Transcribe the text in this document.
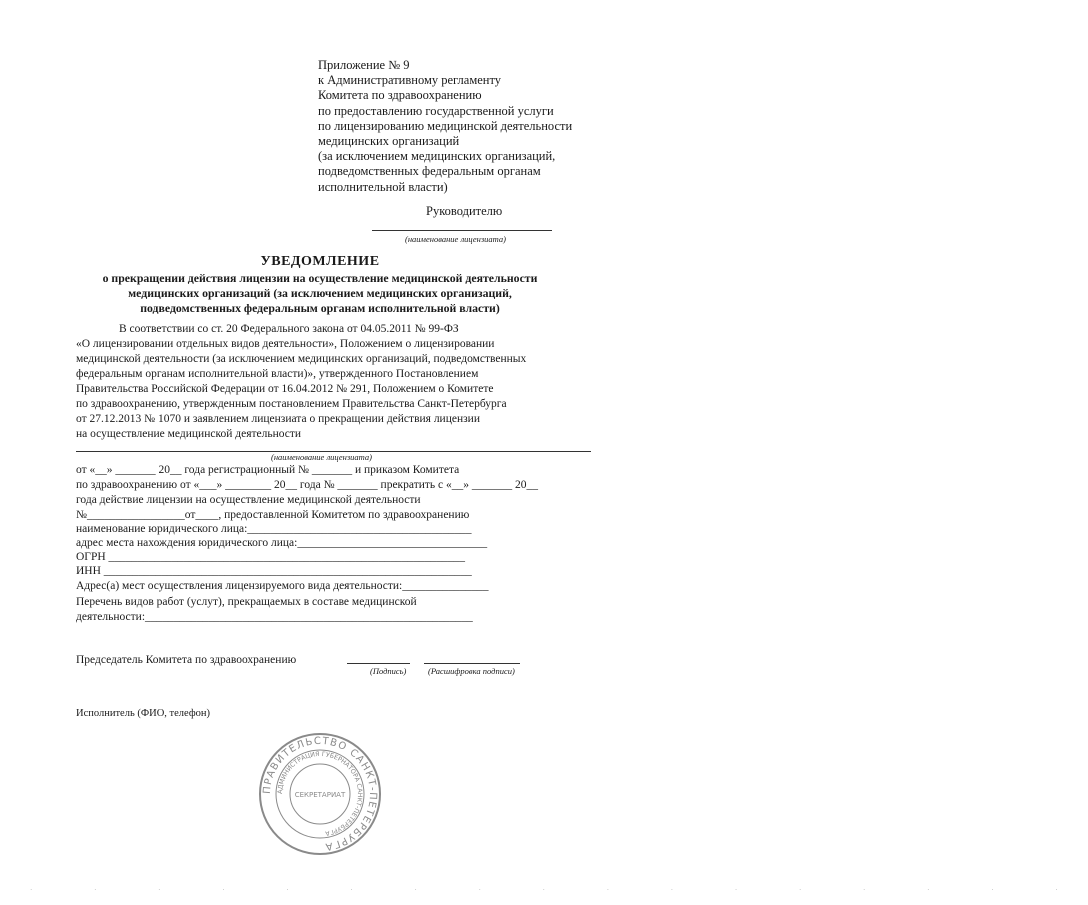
Приложение № 9
к Административному регламенту
Комитета по здравоохранению
по предоставлению государственной услуги
по лицензированию медицинской деятельности
медицинских организаций
(за исключением медицинских организаций,
подведомственных федеральным органам
исполнительной власти)
Руководителю
(наименование лицензиата)
УВЕДОМЛЕНИЕ
о прекращении действия лицензии на осуществление медицинской деятельности
медицинских организаций (за исключением медицинских организаций,
подведомственных федеральным органам исполнительной власти)
В соответствии со ст. 20 Федерального закона от 04.05.2011 № 99-ФЗ
«О лицензировании отдельных видов деятельности», Положением о лицензировании
медицинской деятельности (за исключением медицинских организаций, подведомственных
федеральным органам исполнительной власти)», утвержденного Постановлением
Правительства Российской Федерации от 16.04.2012 № 291, Положением о Комитете
по здравоохранению, утвержденным постановлением Правительства Санкт-Петербурга
от 27.12.2013 № 1070 и заявлением лицензиата о прекращении действия лицензии
на осуществление медицинской деятельности
(наименование лицензиата)
от «__» _______ 20__ года регистрационный № _______ и приказом Комитета
по здравоохранению от «___» ________ 20__ года № _______ прекратить с «__» _______ 20__
года действие лицензии на осуществление медицинской деятельности
№_________________от____, предоставленной Комитетом по здравоохранению
наименование юридического лица:_______________________________________
адрес места нахождения юридического лица:_________________________________
ОГРН ______________________________________________________________
ИНН ________________________________________________________________
Адрес(а) мест осуществления лицензируемого вида деятельности:_______________
Перечень видов работ (услут), прекращаемых в составе медицинской
деятельности:_________________________________________________________
Председатель Комитета по здравоохранению
(Подпись)	(Расшифровка подписи)
Исполнитель (ФИО, телефон)
ПРАВИТЕЛЬСТВО САНКТ-ПЕТЕРБУРГА
АДМИНИСТРАЦИЯ ГУБЕРНАТОРА САНКТ-ПЕТЕРБУРГА
СЕКРЕТАРИАТ
· · · · · · · · · · · · · · · · ·
